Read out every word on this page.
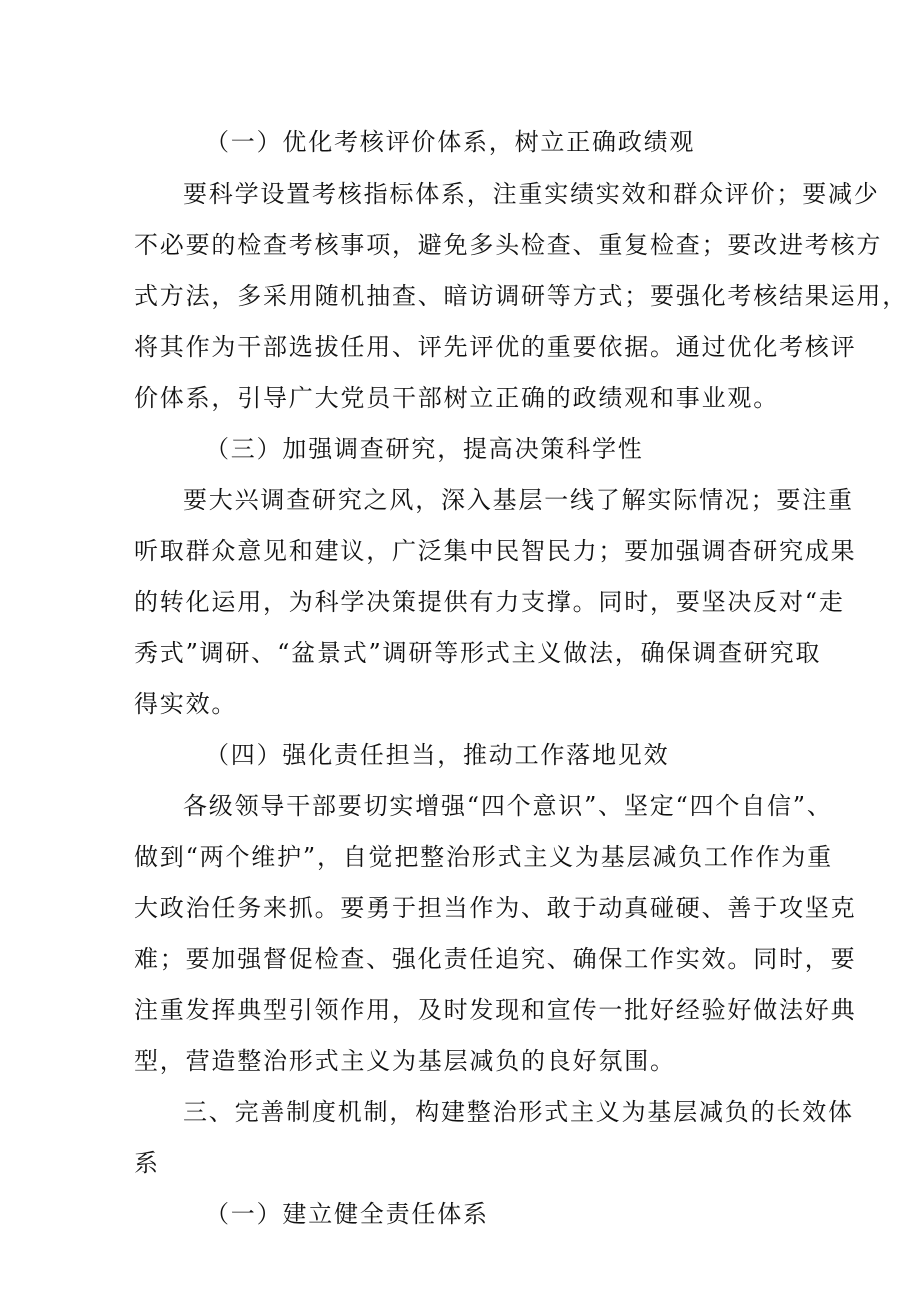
（一）优化考核评价体系，树立正确政绩观

要科学设置考核指标体系，注重实绩实效和群众评价；要减少

不必要的检查考核事项，避免多头检查、重复检查；要改进考核方

式方法，多采用随机抽查、暗访调研等方式；要强化考核结果运用，

将其作为干部选拔任用、评先评优的重要依据。通过优化考核评

价体系，引导广大党员干部树立正确的政绩观和事业观。

（三）加强调查研究，提高决策科学性

要大兴调查研究之风，深入基层一线了解实际情况；要注重

听取群众意见和建议，广泛集中民智民力；要加强调杳研究成果

的转化运用，为科学决策提供有力支撑。同时，要坚决反对“走

秀式”调研、“盆景式”调研等形式主义做法，确保调查研究取

得实效。

（四）强化责任担当，推动工作落地见效

各级领导干部要切实增强“四个意识”、坚定“四个自信”、

做到“两个维护”，自觉把整治形式主义为基层减负工作作为重

大政治任务来抓。要勇于担当作为、敢于动真碰硬、善于攻坚克

难；要加强督促检查、强化责任追究、确保工作实效。同时，要

注重发挥典型引领作用，及时发现和宣传一批好经验好做法好典

型，营造整治形式主义为基层减负的良好氛围。

三、完善制度机制，构建整治形式主义为基层减负的长效体

系

（一）建立健全责任体系
